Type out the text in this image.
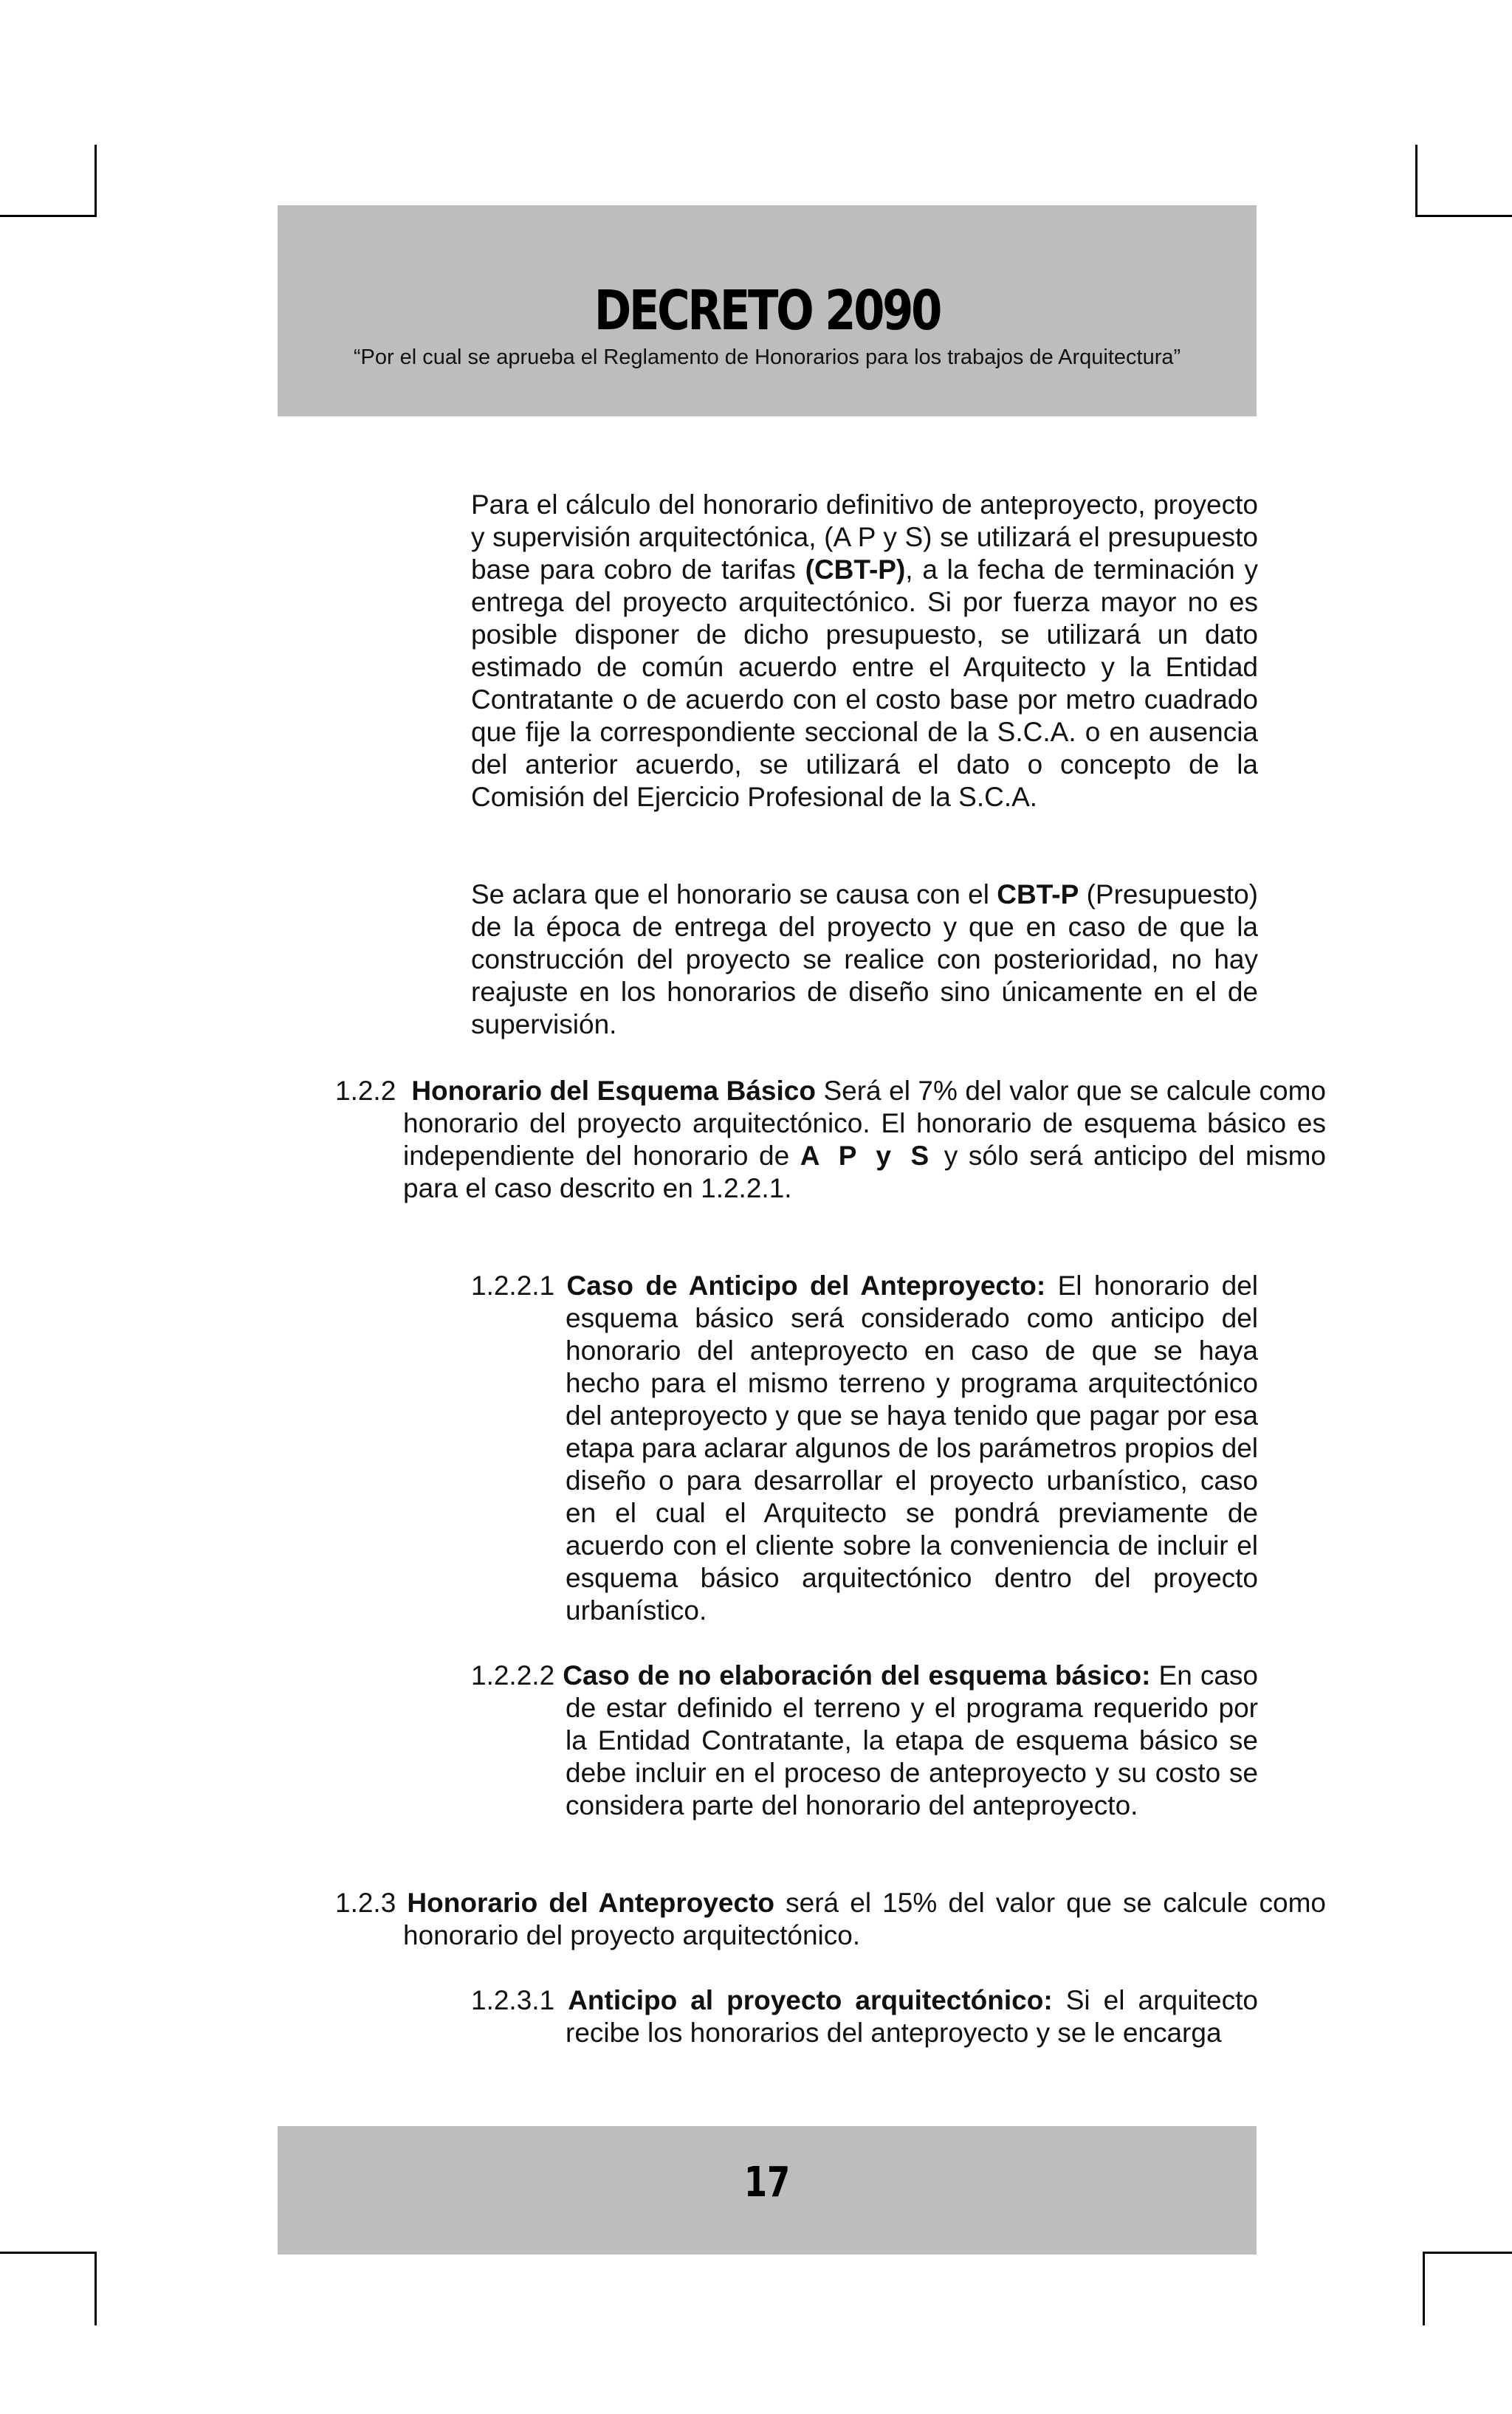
DECRETO 2090
“Por el cual se aprueba el Reglamento de Honorarios para los trabajos de Arquitectura”
Para el cálculo del honorario definitivo de anteproyecto, proyecto y supervisión arquitectónica, (A P y S) se utilizará el presupuesto base para cobro de tarifas (CBT-P), a la fecha de terminación y entrega del proyecto arquitectónico. Si por fuerza mayor no es posible disponer de dicho presupuesto, se utilizará un dato estimado de común acuerdo entre el Arquitecto y la Entidad Contratante o de acuerdo con el costo base por metro cuadrado que fije la correspondiente seccional de la S.C.A. o en ausencia del anterior acuerdo, se utilizará el dato o concepto de la Comisión del Ejercicio Profesional de la S.C.A.
Se aclara que el honorario se causa con el CBT-P (Presupuesto) de la época de entrega del proyecto y que en caso de que la construcción del proyecto se realice con posterioridad, no hay reajuste en los honorarios de diseño sino únicamente en el de supervisión.
1.2.2 Honorario del Esquema Básico Será el 7% del valor que se calcule como honorario del proyecto arquitectónico. El honorario de esquema básico es independiente del honorario de A P y S y sólo será anticipo del mismo para el caso descrito en 1.2.2.1.
1.2.2.1 Caso de Anticipo del Anteproyecto: El honorario del esquema básico será considerado como anticipo del honorario del anteproyecto en caso de que se haya hecho para el mismo terreno y programa arquitectónico del anteproyecto y que se haya tenido que pagar por esa etapa para aclarar algunos de los parámetros propios del diseño o para desarrollar el proyecto urbanístico, caso en el cual el Arquitecto se pondrá previamente de acuerdo con el cliente sobre la conveniencia de incluir el esquema básico arquitectónico dentro del proyecto urbanístico.
1.2.2.2 Caso de no elaboración del esquema básico: En caso de estar definido el terreno y el programa requerido por la Entidad Contratante, la etapa de esquema básico se debe incluir en el proceso de anteproyecto y su costo se considera parte del honorario del anteproyecto.
1.2.3 Honorario del Anteproyecto será el 15% del valor que se calcule como honorario del proyecto arquitectónico.
1.2.3.1 Anticipo al proyecto arquitectónico: Si el arquitecto recibe los honorarios del anteproyecto y se le encarga
17
